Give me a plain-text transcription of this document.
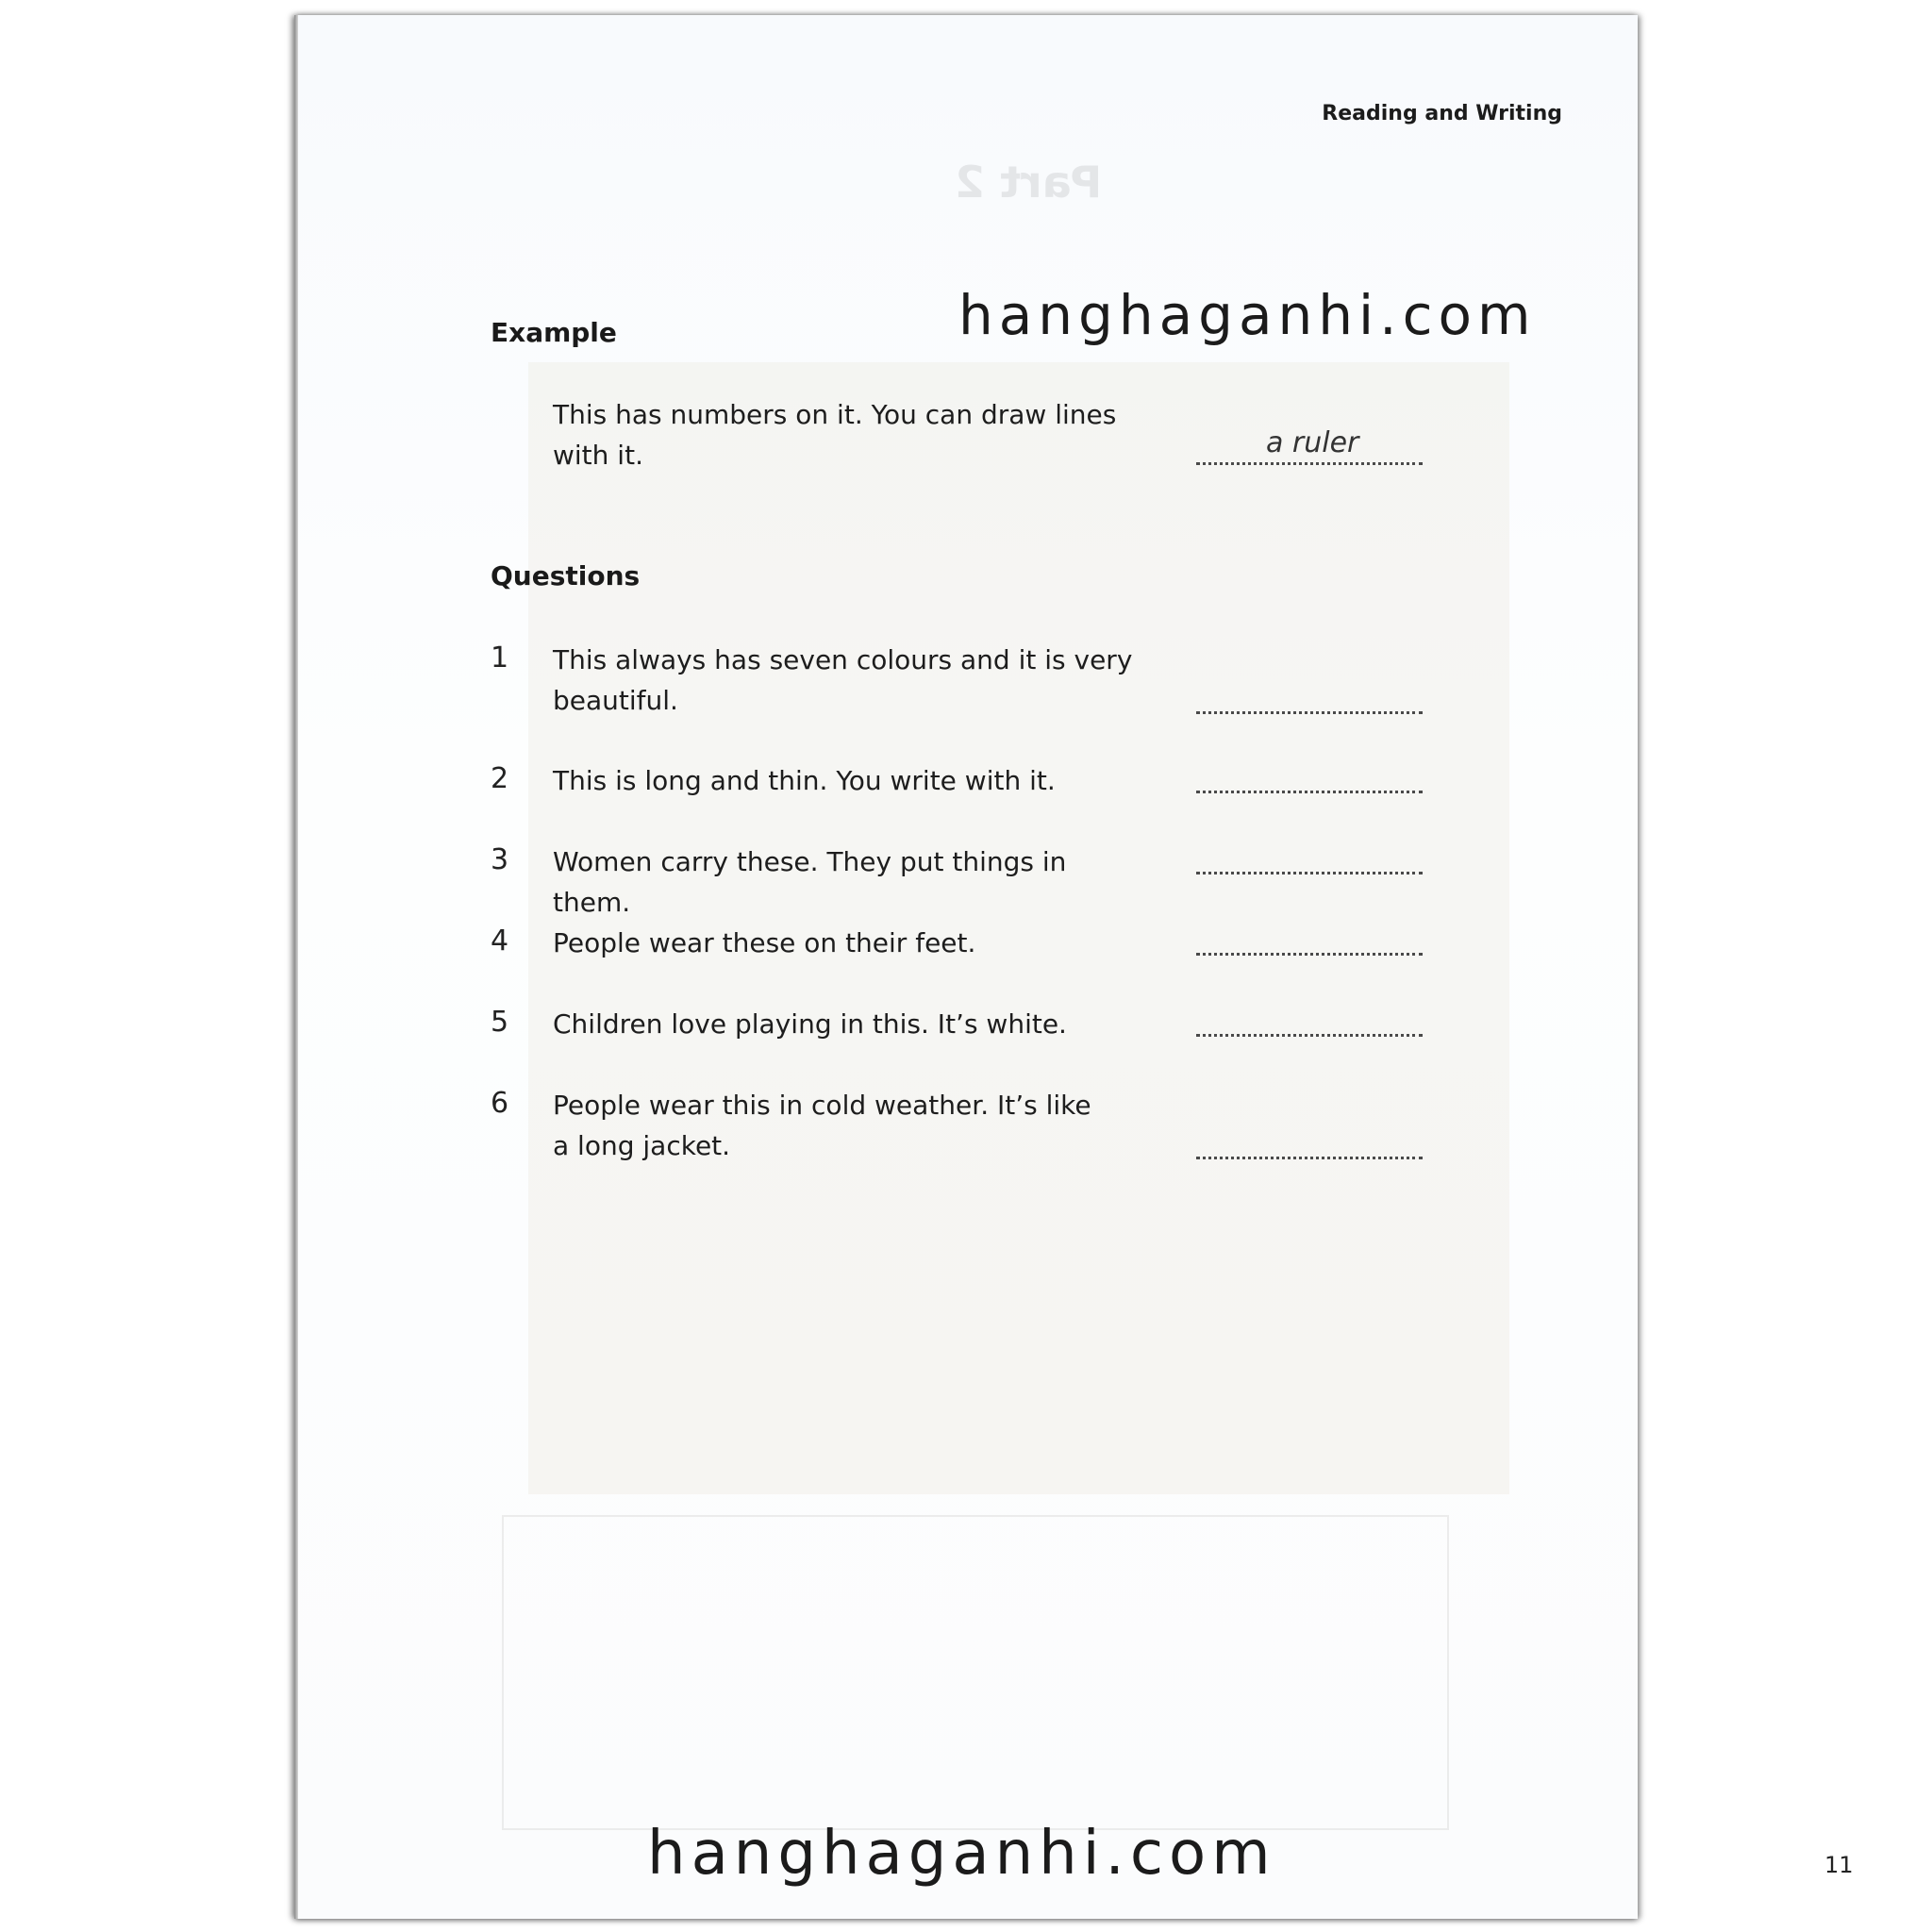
Part 2
Reading and Writing
Example
This has numbers on it. You can draw lines with it.	a ruler
Questions
1 This always has seven colours and it is very beautiful.
2 This is long and thin. You write with it.
3 Women carry these. They put things in them.
4 People wear these on their feet.
5 Children love playing in this. It’s white.
6 People wear this in cold weather. It’s like a long jacket.
11
hanghaganhi.com
hanghaganhi.com
